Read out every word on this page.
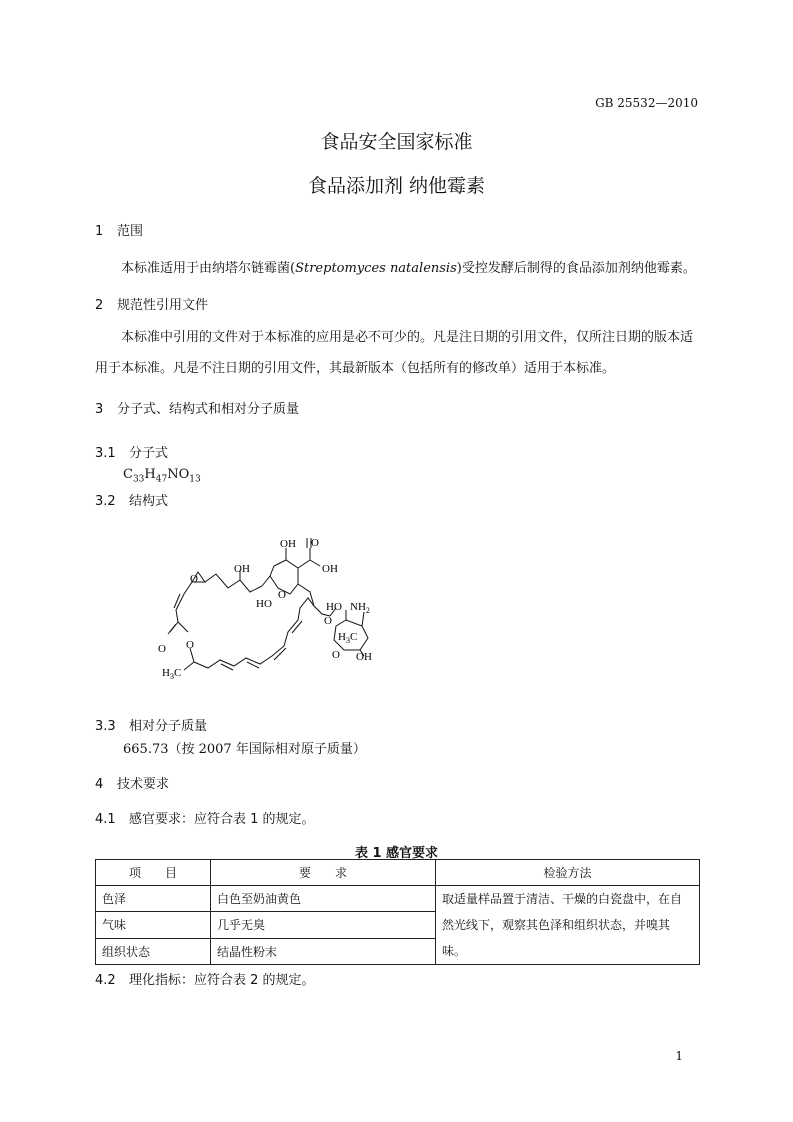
GB 25532—2010
食品安全国家标准
食品添加剂 纳他霉素
1 范围
本标准适用于由纳塔尔链霉菌(Streptomyces natalensis)受控发酵后制得的食品添加剂纳他霉素。
2 规范性引用文件
本标准中引用的文件对于本标准的应用是必不可少的。凡是注日期的引用文件，仅所注日期的版本适用于本标准。凡是不注日期的引用文件，其最新版本（包括所有的修改单）适用于本标准。
3 分子式、结构式和相对分子质量
3.1 分子式
$C_{33}H_{47}NO_{13}$
3.2 结构式
OH O
OH
OH
HO
O
HO $NH_2$
O
$H_3C$
O OH
O
O O
$H_3C$
3.3 相对分子质量
665.73（按 2007 年国际相对原子质量）
4 技术要求
4.1 感官要求：应符合表 1 的规定。
表 1 感官要求
项　　目	要　　求	检验方法
色泽	白色至奶油黄色	取适量样品置于清洁、干燥的白瓷盘中，在自然光线下，观察其色泽和组织状态，并嗅其味。
气味	几乎无臭	
组织状态	结晶性粉末	
4.2 理化指标：应符合表 2 的规定。
1
